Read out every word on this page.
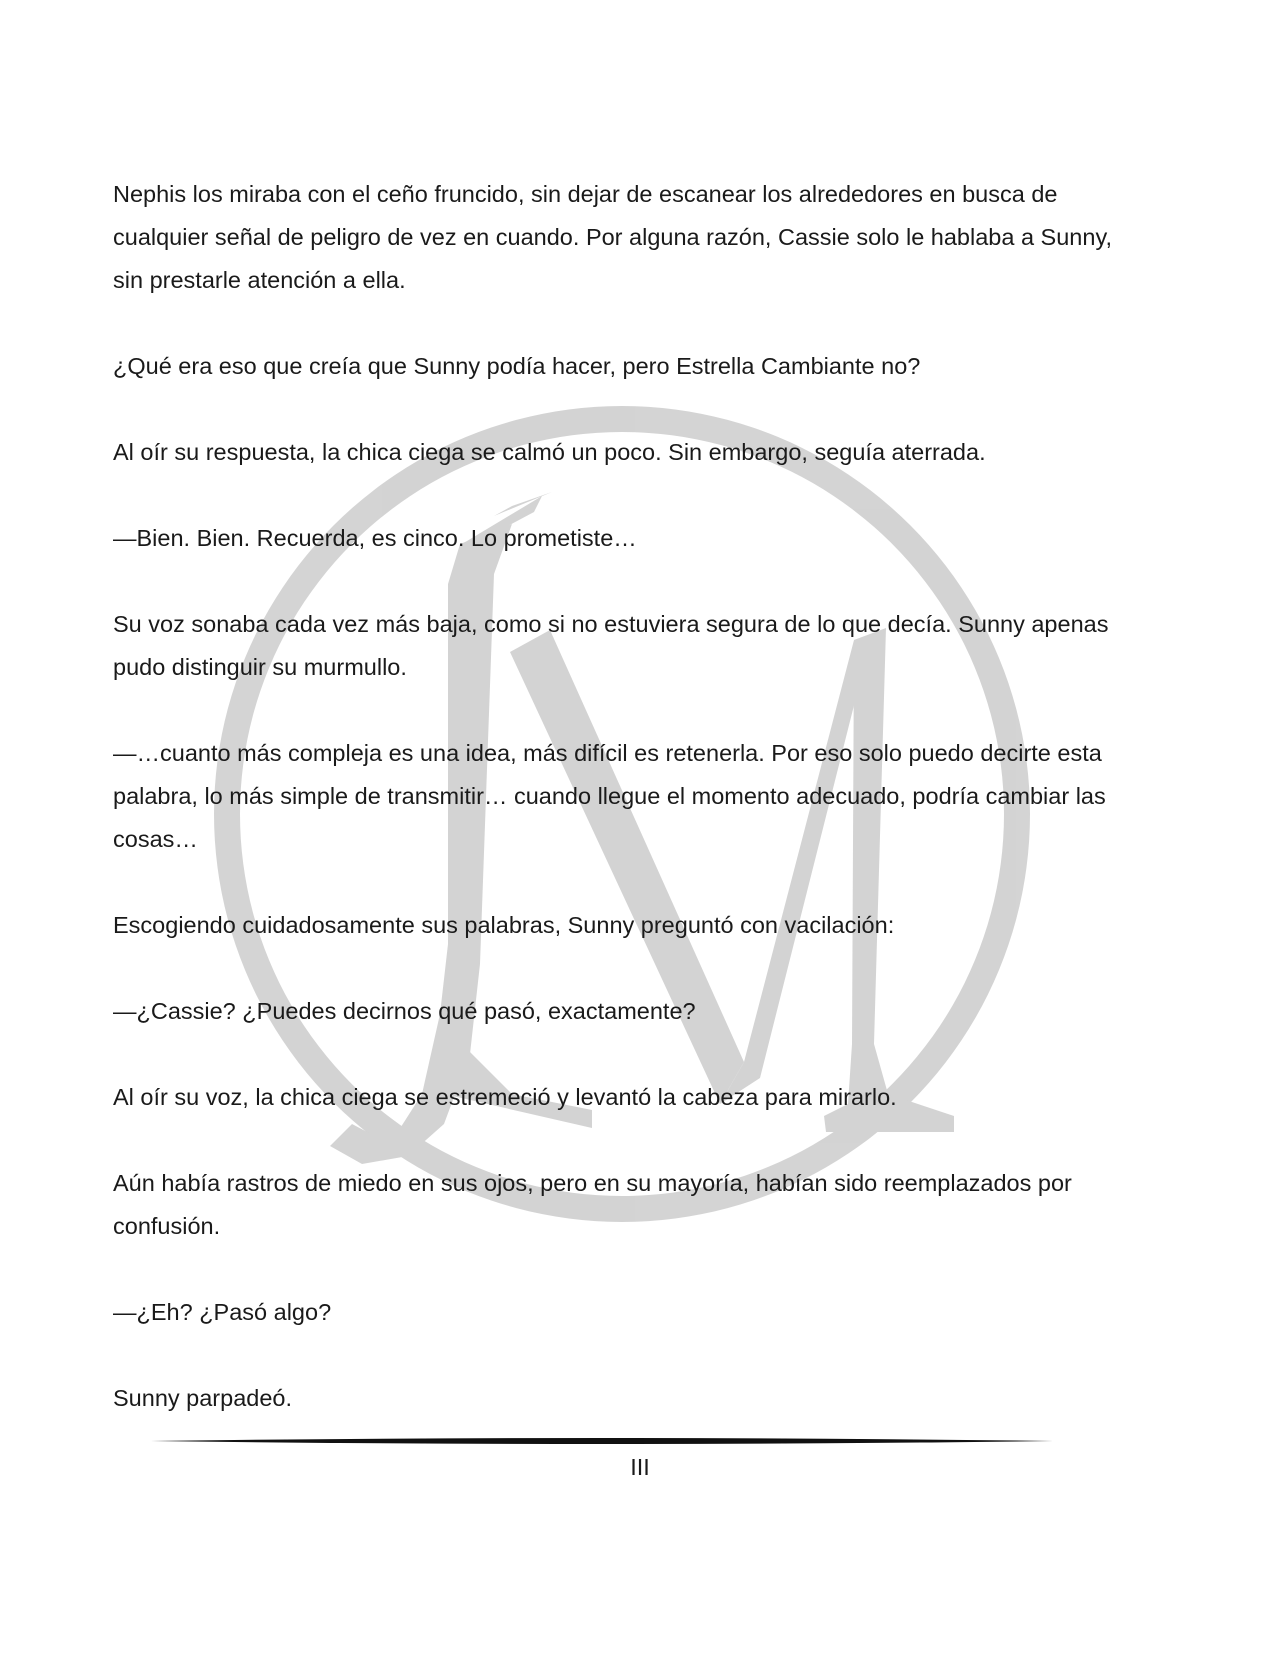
Nephis los miraba con el ceño fruncido, sin dejar de escanear los alrededores en busca de cualquier señal de peligro de vez en cuando. Por alguna razón, Cassie solo le hablaba a Sunny, sin prestarle atención a ella.

¿Qué era eso que creía que Sunny podía hacer, pero Estrella Cambiante no?

Al oír su respuesta, la chica ciega se calmó un poco. Sin embargo, seguía aterrada.

—Bien. Bien. Recuerda, es cinco. Lo prometiste…

Su voz sonaba cada vez más baja, como si no estuviera segura de lo que decía. Sunny apenas pudo distinguir su murmullo.

—…cuanto más compleja es una idea, más difícil es retenerla. Por eso solo puedo decirte esta palabra, lo más simple de transmitir… cuando llegue el momento adecuado, podría cambiar las cosas…

Escogiendo cuidadosamente sus palabras, Sunny preguntó con vacilación:

—¿Cassie? ¿Puedes decirnos qué pasó, exactamente?

Al oír su voz, la chica ciega se estremeció y levantó la cabeza para mirarlo.

Aún había rastros de miedo en sus ojos, pero en su mayoría, habían sido reemplazados por confusión.

—¿Eh? ¿Pasó algo?

Sunny parpadeó.

III
